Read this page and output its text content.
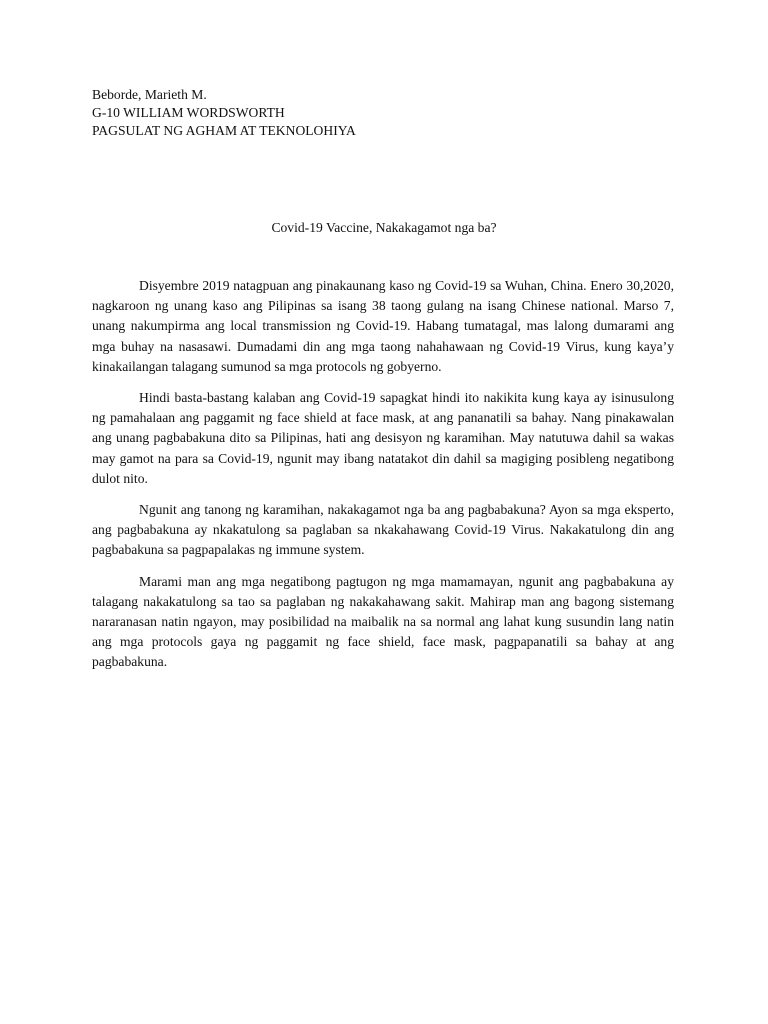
Beborde, Marieth M.
G-10 WILLIAM WORDSWORTH
PAGSULAT NG AGHAM AT TEKNOLOHIYA
Covid-19 Vaccine, Nakakagamot nga ba?

Disyembre 2019 natagpuan ang pinakaunang kaso ng Covid-19 sa Wuhan, China. Enero 30,2020, nagkaroon ng unang kaso ang Pilipinas sa isang 38 taong gulang na isang Chinese national. Marso 7, unang nakumpirma ang local transmission ng Covid-19. Habang tumatagal, mas lalong dumarami ang mga buhay na nasasawi. Dumadami din ang mga taong nahahawaan ng Covid-19 Virus, kung kaya’y kinakailangan talagang sumunod sa mga protocols ng gobyerno.

Hindi basta-bastang kalaban ang Covid-19 sapagkat hindi ito nakikita kung kaya ay isinusulong ng pamahalaan ang paggamit ng face shield at face mask, at ang pananatili sa bahay. Nang pinakawalan ang unang pagbabakuna dito sa Pilipinas, hati ang desisyon ng karamihan. May natutuwa dahil sa wakas may gamot na para sa Covid-19, ngunit may ibang natatakot din dahil sa magiging posibleng negatibong dulot nito.

Ngunit ang tanong ng karamihan, nakakagamot nga ba ang pagbabakuna? Ayon sa mga eksperto, ang pagbabakuna ay nkakatulong sa paglaban sa nkakahawang Covid-19 Virus. Nakakatulong din ang pagbabakuna sa pagpapalakas ng immune system.

Marami man ang mga negatibong pagtugon ng mga mamamayan, ngunit ang pagbabakuna ay talagang nakakatulong sa tao sa paglaban ng nakakahawang sakit. Mahirap man ang bagong sistemang nararanasan natin ngayon, may posibilidad na maibalik na sa normal ang lahat kung susundin lang natin ang mga protocols gaya ng paggamit ng face shield, face mask, pagpapanatili sa bahay at ang pagbabakuna.
